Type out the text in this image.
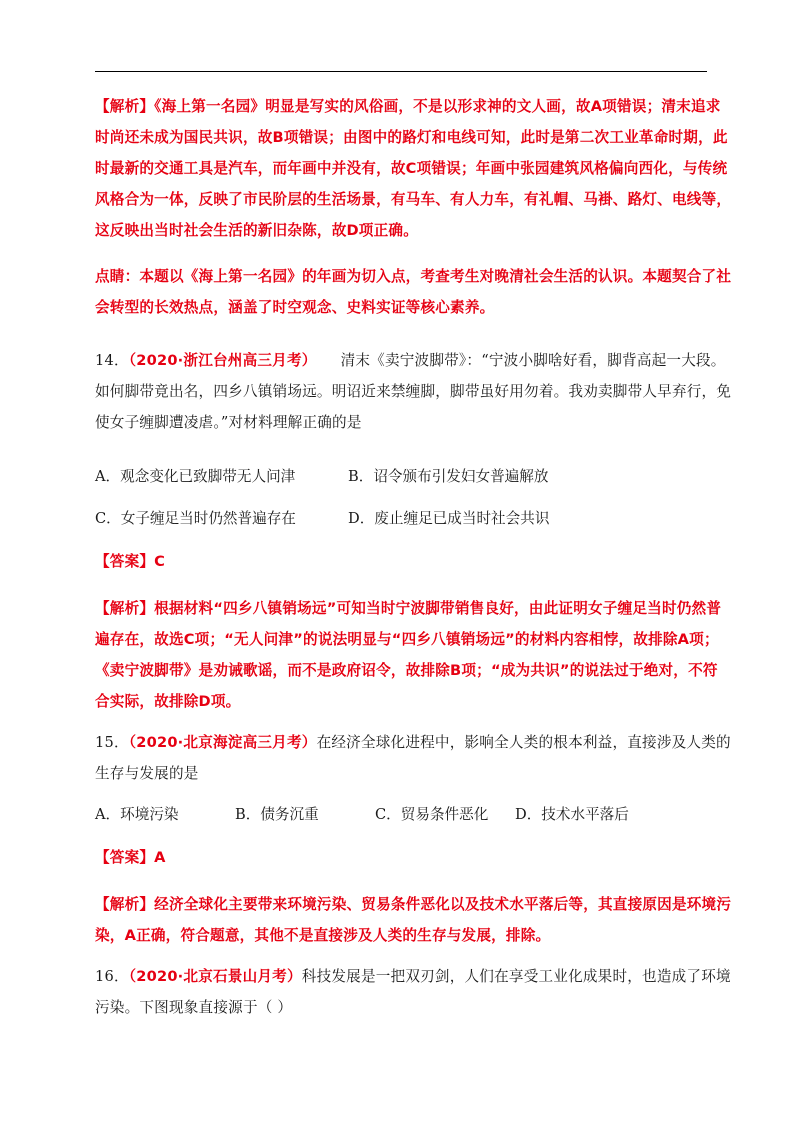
【解析】《海上第一名园》明显是写实的风俗画，不是以形求神的文人画，故A项错误；清末追求
时尚还未成为国民共识，故B项错误；由图中的路灯和电线可知，此时是第二次工业革命时期，此
时最新的交通工具是汽车，而年画中并没有，故C项错误；年画中张园建筑风格偏向西化，与传统
风格合为一体，反映了市民阶层的生活场景，有马车、有人力车，有礼帽、马褂、路灯、电线等，
这反映出当时社会生活的新旧杂陈，故D项正确。

点睛：本题以《海上第一名园》的年画为切入点，考查考生对晚清社会生活的认识。本题契合了社
会转型的长效热点，涵盖了时空观念、史料实证等核心素养。

14．（2020·浙江台州高三月考） 清末《卖宁波脚带》：“宁波小脚啥好看，脚背高起一大段。
如何脚带竟出名，四乡八镇销场远。明诏近来禁缠脚，脚带虽好用勿着。我劝卖脚带人早弃行，免
使女子缠脚遭凌虐。”对材料理解正确的是

A．观念变化已致脚带无人问津	B．诏令颁布引发妇女普遍解放
C．女子缠足当时仍然普遍存在	D．废止缠足已成当时社会共识

【答案】C

【解析】根据材料“四乡八镇销场远”可知当时宁波脚带销售良好，由此证明女子缠足当时仍然普
遍存在，故选C项；“无人问津”的说法明显与“四乡八镇销场远”的材料内容相悖，故排除A项；
《卖宁波脚带》是劝诫歌谣，而不是政府诏令，故排除B项；“成为共识”的说法过于绝对，不符
合实际，故排除D项。

15．（2020·北京海淀高三月考）在经济全球化进程中，影响全人类的根本利益，直接涉及人类的
生存与发展的是

A．环境污染	B．债务沉重	C．贸易条件恶化 D．技术水平落后

【答案】A

【解析】经济全球化主要带来环境污染、贸易条件恶化以及技术水平落后等，其直接原因是环境污
染，A正确，符合题意，其他不是直接涉及人类的生存与发展，排除。

16．（2020·北京石景山月考）科技发展是一把双刃剑，人们在享受工业化成果时，也造成了环境
污染。下图现象直接源于（ ）
